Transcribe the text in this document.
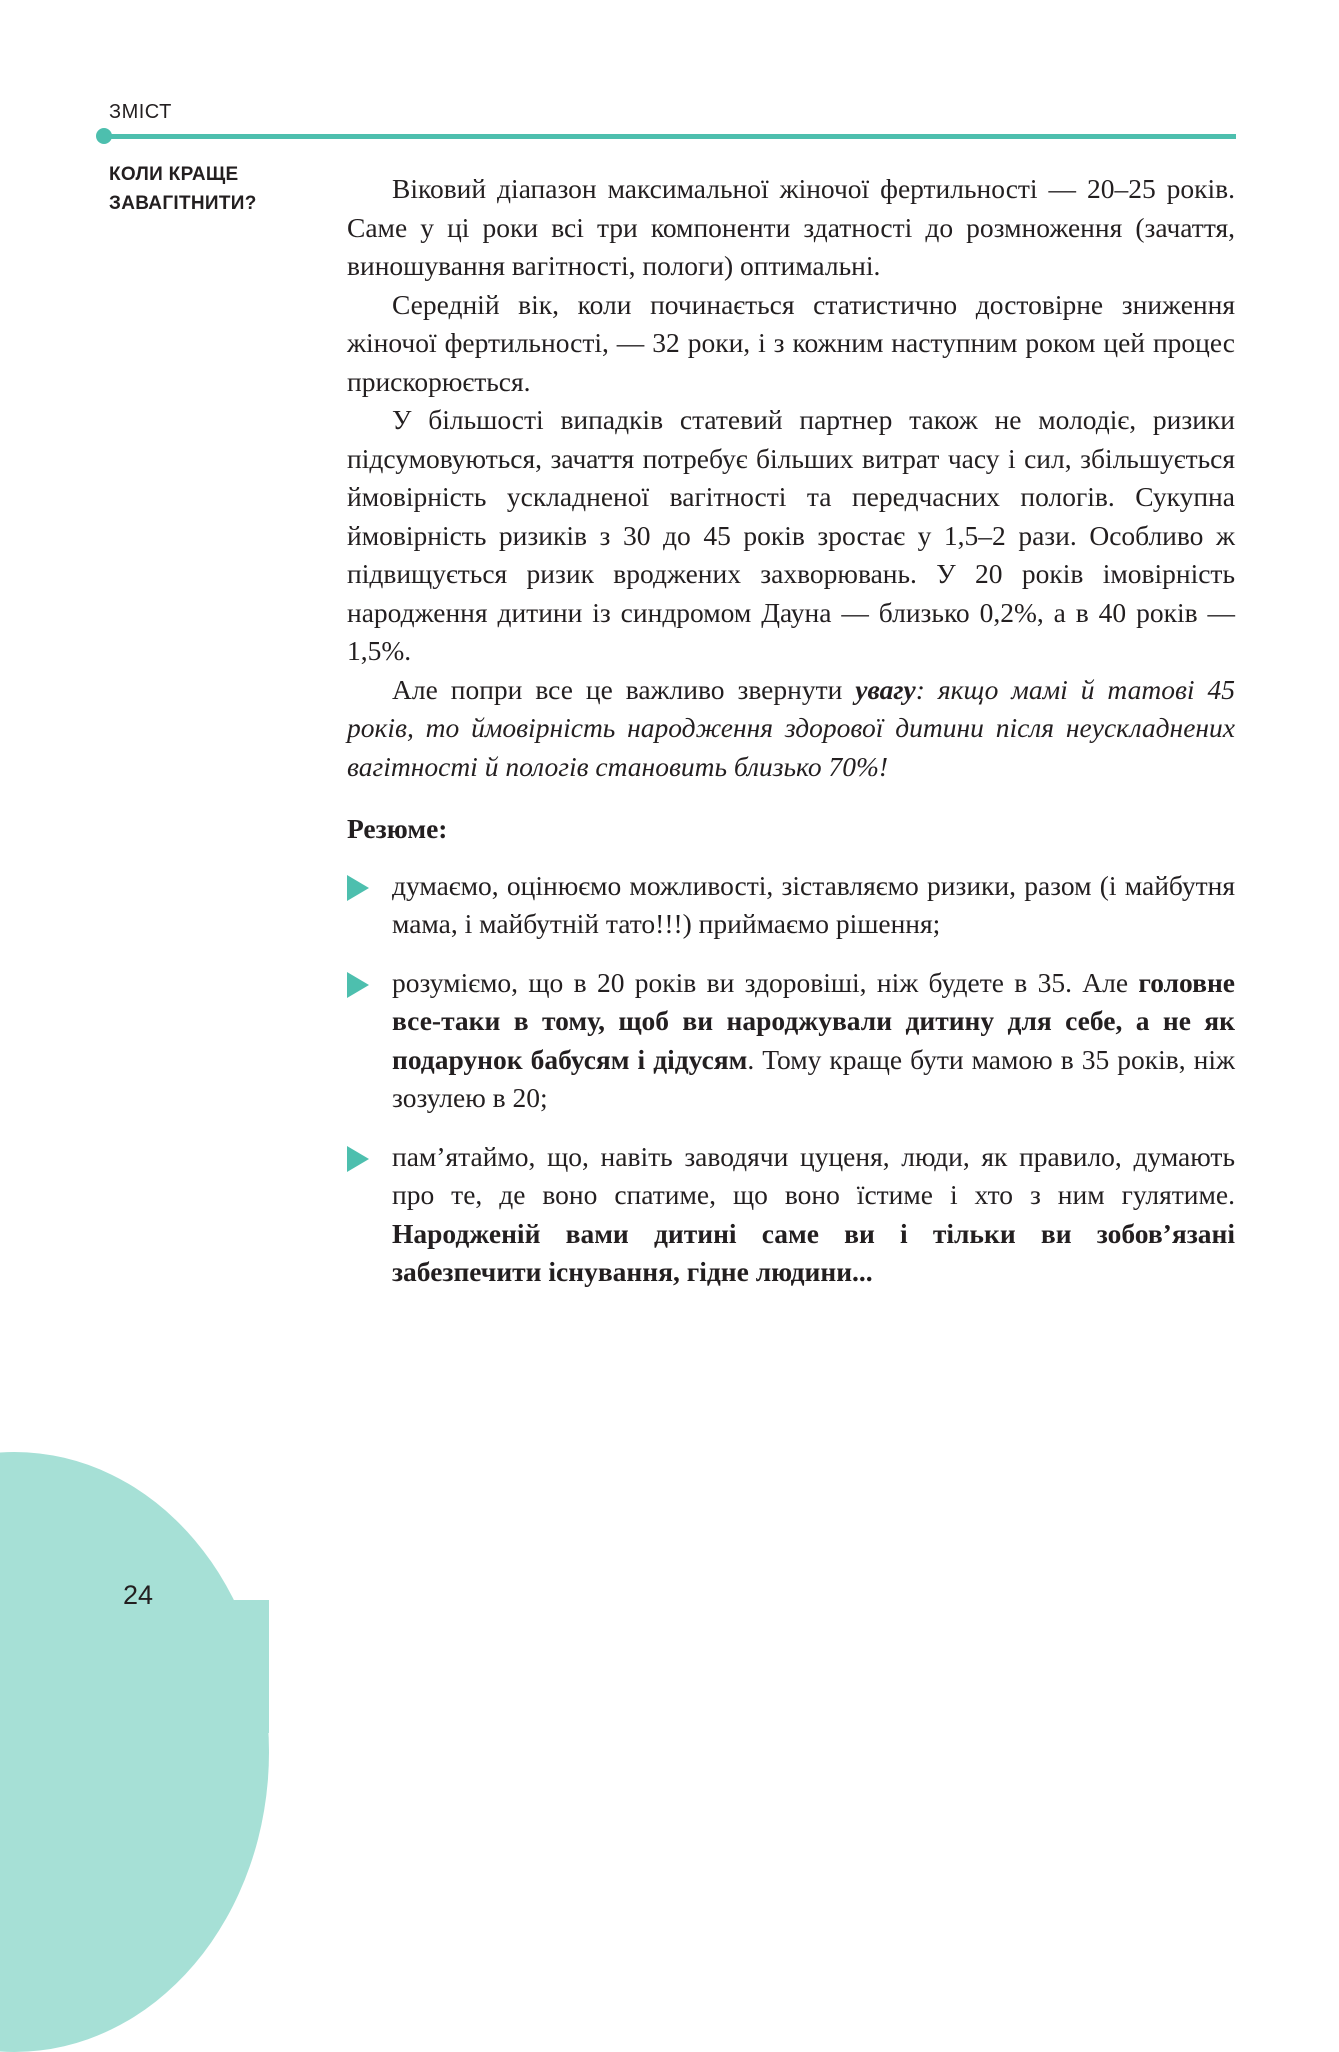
ЗМІСТ
КОЛИ КРАЩЕ
ЗАВАГІТНИТИ?	Віковий діапазон максимальної жіночої фертильності — 20–25 років. Саме у ці роки всі три компоненти здатності до розмноження (зачаття, виношування вагітності, пологи) оптимальні.

Середній вік, коли починається статистично достовірне зниження жіночої фертильності, — 32 роки, і з кожним наступним роком цей процес прискорюється.

У більшості випадків статевий партнер також не молодіє, ризики підсумовуються, зачаття потребує більших витрат часу і сил, збільшується ймовірність ускладненої вагітності та передчасних пологів. Сукупна ймовірність ризиків з 30 до 45 років зростає у 1,5–2 рази. Особливо ж підвищується ризик вроджених захворювань. У 20 років імовірність народження дитини із синдромом Дауна — близько 0,2%, а в 40 років — 1,5%.

Але попри все це важливо звернути увагу: якщо мамі й татові 45 років, то ймовірність народження здорової дитини після неускладнених вагітності й пологів становить близько 70%!

Резюме:

думаємо, оцінюємо можливості, зіставляємо ризики, разом (і майбутня мама, і майбутній тато!!!) приймаємо рішення;
розуміємо, що в 20 років ви здоровіші, ніж будете в 35. Але головне все-таки в тому, щоб ви народжували дитину для себе, а не як подарунок бабусям і дідусям. Тому краще бути мамою в 35 років, ніж зозулею в 20;
пам’ятаймо, що, навіть заводячи цуценя, люди, як правило, думають про те, де воно спатиме, що воно їстиме і хто з ним гулятиме. Народженій вами дитині саме ви і тільки ви зобов’язані забезпечити існування, гідне людини...
24
